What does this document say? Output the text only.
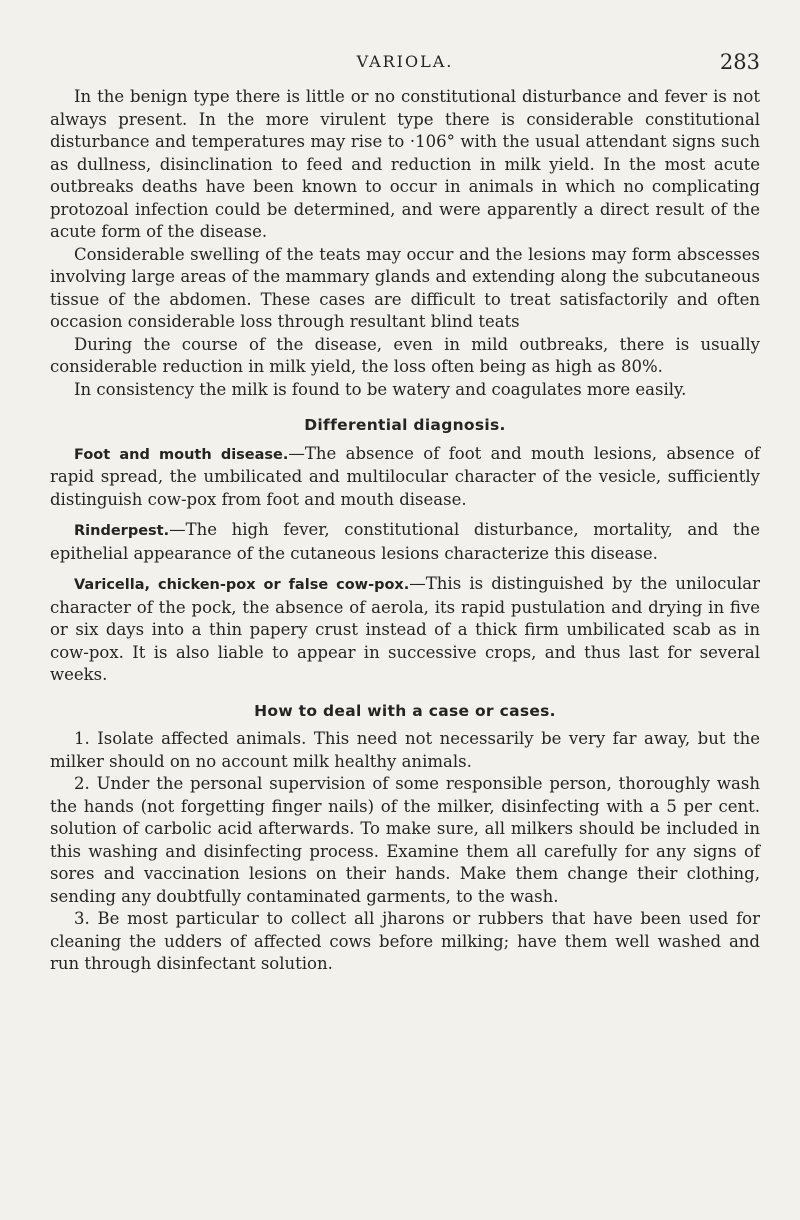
VARIOLA.	283

In the benign type there is little or no constitutional disturbance and fever is not always present. In the more virulent type there is considerable constitutional disturbance and temperatures may rise to ·106° with the usual attendant signs such as dullness, disinclination to feed and reduction in milk yield. In the most acute outbreaks deaths have been known to occur in animals in which no complicating protozoal infection could be determined, and were apparently a direct result of the acute form of the disease.

Considerable swelling of the teats may occur and the lesions may form abscesses involving large areas of the mammary glands and extending along the subcutaneous tissue of the abdomen. These cases are difficult to treat satisfactorily and often occasion considerable loss through resultant blind teats

During the course of the disease, even in mild outbreaks, there is usually considerable reduction in milk yield, the loss often being as high as 80%.

In consistency the milk is found to be watery and coagulates more easily.

Differential diagnosis.

Foot and mouth disease.—The absence of foot and mouth lesions, absence of rapid spread, the umbilicated and multilocular character of the vesicle, sufficiently distinguish cow-pox from foot and mouth disease.

Rinderpest.—The high fever, constitutional disturbance, mortality, and the epithelial appearance of the cutaneous lesions characterize this disease.

Varicella, chicken-pox or false cow-pox.—This is distinguished by the unilocular character of the pock, the absence of aerola, its rapid pustulation and drying in five or six days into a thin papery crust instead of a thick firm umbilicated scab as in cow-pox. It is also liable to appear in successive crops, and thus last for several weeks.

How to deal with a case or cases.

1. Isolate affected animals. This need not necessarily be very far away, but the milker should on no account milk healthy animals.

2. Under the personal supervision of some responsible person, thoroughly wash the hands (not forgetting finger nails) of the milker, disinfecting with a 5 per cent. solution of carbolic acid afterwards. To make sure, all milkers should be included in this washing and disinfecting process. Examine them all carefully for any signs of sores and vaccination lesions on their hands. Make them change their clothing, sending any doubtfully contaminated garments, to the wash.

3. Be most particular to collect all jharons or rubbers that have been used for cleaning the udders of affected cows before milking; have them well washed and run through disinfectant solution.
